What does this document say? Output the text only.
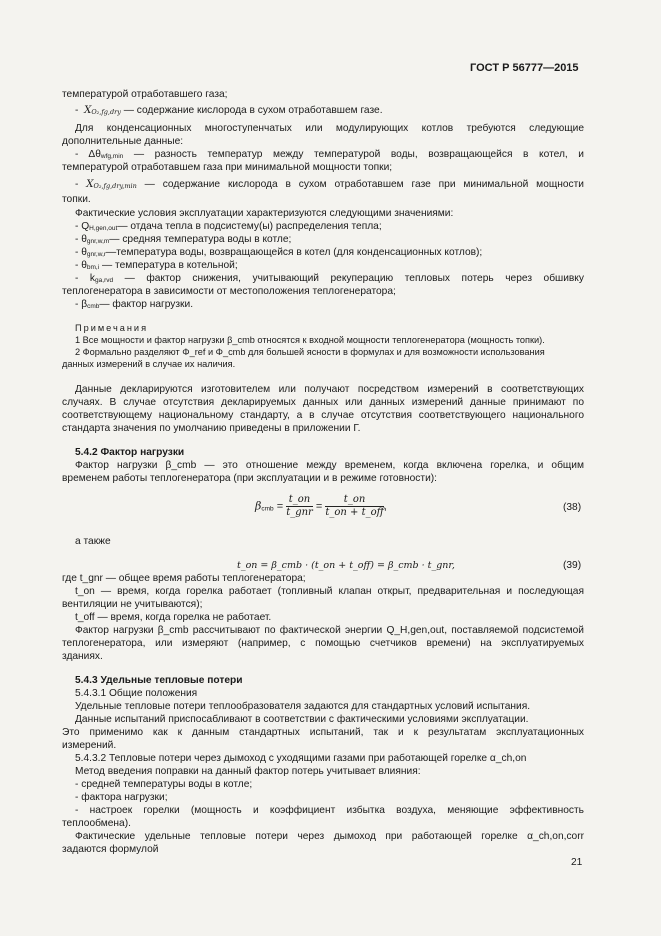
ГОСТ Р 56777—2015
температурой отработавшего газа;
- $X_{O_2,fg,dry}$ — содержание кислорода в сухом отработавшем газе.
Для конденсационных многоступенчатых или модулирующих котлов требуются следующие
дополнительные данные:
- $\Delta\theta_{wfg,min}$ — разность температур между температурой воды, возвращающейся в котел, и
температурой отработавшем газа при минимальной мощности топки;
- $X_{O_2,fg,dry,min}$ — содержание кислорода в сухом отработавшем газе при минимальной мощности
топки.
Фактические условия эксплуатации характеризуются следующими значениями:
- $Q_{H,gen,out}—$ отдача тепла в подсистему(ы) распределения тепла;
- $\theta_{gnr,w,m}—$ средняя температура воды в котле;
- $\theta_{gnr,w,r}—температура$ воды, возвращающейся в котел (для конденсационных котлов);
- $\theta_{bm,i}$ — температура в котельной;
- $k_{ga,rvd}$ — фактор снижения, учитывающий рекуперацию тепловых потерь через обшивку
теплогенератора в зависимости от местоположения теплогенератора;
- $\beta_{cmb}—$ фактор нагрузки.
Примечания
1 Все мощности и фактор нагрузки β_cmb относятся к входной мощности теплогенератора (мощность топки).
2 Формально разделяют Φ_ref и Φ_cmb для большей ясности в формулах и для возможности использования
данных измерений в случае их наличия.
Данные декларируются изготовителем или получают посредством измерений в соответствующих
случаях. В случае отсутствия декларируемых данных или данных измерений данные принимают по
соответствующему национальному стандарту, а в случае отсутствия соответствующего национального
стандарта значения по умолчанию приведены в приложении Г.
5.4.2 Фактор нагрузки
Фактор нагрузки β_cmb — это отношение между временем, когда включена горелка, и общим
временем работы теплогенератора (при эксплуатации и в режиме готовности):
$\beta_{cmb} = \frac{t\_on}{\text{t\_gnr}} = \frac{t\_on}{\text{t\_on + t\_off}}$ ,	(38)
а также
t_on = β_cmb · (t_on + t_off) = β_cmb · t_gnr,	(39)
где t_gnr — общее время работы теплогенератора;
t_on — время, когда горелка работает (топливный клапан открыт, предварительная и последующая
вентиляции не учитываются);
t_off — время, когда горелка не работает.
Фактор нагрузки β_cmb рассчитывают по фактической энергии Q_H,gen,out, поставляемой подсистемой
теплогенератора, или измеряют (например, с помощью счетчиков времени) на эксплуатируемых
зданиях.
5.4.3 Удельные тепловые потери
5.4.3.1 Общие положения
Удельные тепловые потери теплообразователя задаются для стандартных условий испытания.
Данные испытаний приспосабливают в соответствии с фактическими условиями эксплуатации.
Это применимо как к данным стандартных испытаний, так и к результатам эксплуатационных
измерений.
5.4.3.2 Тепловые потери через дымоход с уходящими газами при работающей горелке α_ch,on
Метод введения поправки на данный фактор потерь учитывает влияния:
- средней температуры воды в котле;
- фактора нагрузки;
- настроек горелки (мощность и коэффициент избытка воздуха, меняющие эффективность
теплообмена).
Фактические удельные тепловые потери через дымоход при работающей горелке α_ch,on,corr
задаются формулой
21
